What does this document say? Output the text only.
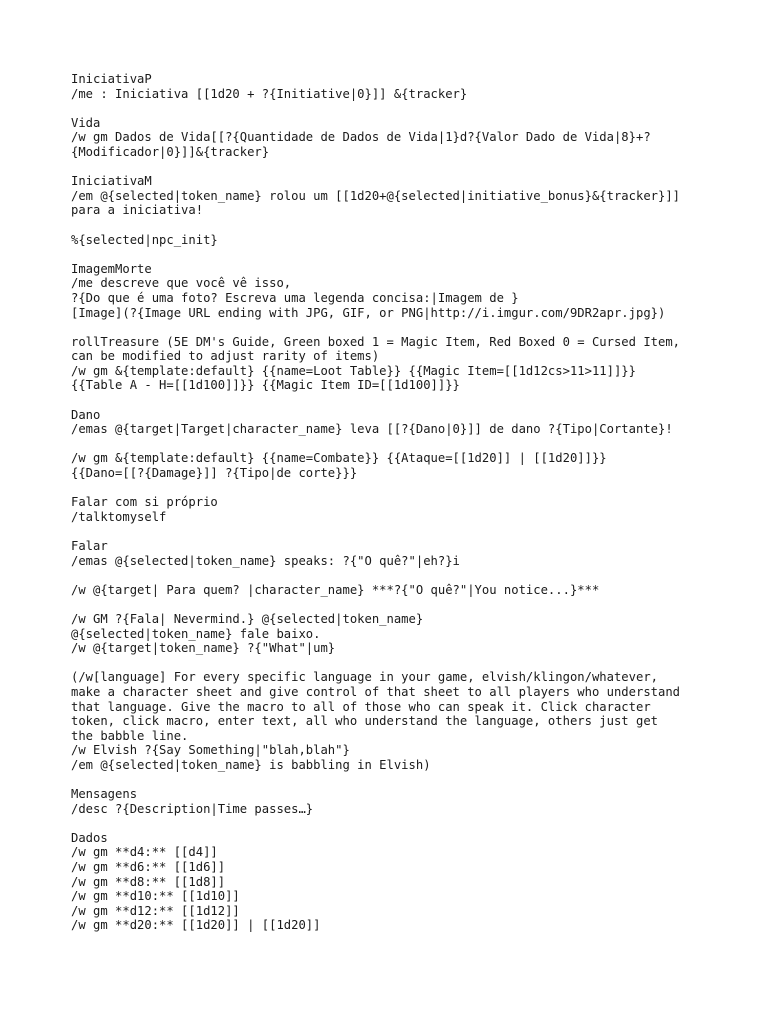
IniciativaP
/me : Iniciativa [[1d20 + ?{Initiative|0}]] &{tracker}
Vida
/w gm Dados de Vida[[?{Quantidade de Dados de Vida|1}d?{Valor Dado de Vida|8}+?
{Modificador|0}]]&{tracker}
IniciativaM
/em @{selected|token_name} rolou um [[1d20+@{selected|initiative_bonus}&{tracker}]]
para a iniciativa!
%{selected|npc_init}
ImagemMorte
/me descreve que você vê isso,
?{Do que é uma foto? Escreva uma legenda concisa:|Imagem de }
[Image](?{Image URL ending with JPG, GIF, or PNG|http://i.imgur.com/9DR2apr.jpg})
rollTreasure (5E DM's Guide, Green boxed 1 = Magic Item, Red Boxed 0 = Cursed Item,
can be modified to adjust rarity of items)
/w gm &{template:default} {{name=Loot Table}} {{Magic Item=[[1d12cs>11>11]]}}
{{Table A - H=[[1d100]]}} {{Magic Item ID=[[1d100]]}}
Dano
/emas @{target|Target|character_name} leva [[?{Dano|0}]] de dano ?{Tipo|Cortante}!
/w gm &{template:default} {{name=Combate}} {{Ataque=[[1d20]] | [[1d20]]}}
{{Dano=[[?{Damage}]] ?{Tipo|de corte}}}
Falar com si próprio
/talktomyself
Falar
/emas @{selected|token_name} speaks: ?{"O quê?"|eh?}i
/w @{target| Para quem? |character_name} ***?{"O quê?"|You notice...}***
/w GM ?{Fala| Nevermind.} @{selected|token_name}
@{selected|token_name} fale baixo.
/w @{target|token_name} ?{"What"|um}
(/w[language] For every specific language in your game, elvish/klingon/whatever,
make a character sheet and give control of that sheet to all players who understand
that language. Give the macro to all of those who can speak it. Click character
token, click macro, enter text, all who understand the language, others just get
the babble line.
/w Elvish ?{Say Something|"blah,blah"}
/em @{selected|token_name} is babbling in Elvish)
Mensagens
/desc ?{Description|Time passes…}
Dados
/w gm **d4:** [[d4]]
/w gm **d6:** [[1d6]]
/w gm **d8:** [[1d8]]
/w gm **d10:** [[1d10]]
/w gm **d12:** [[1d12]]
/w gm **d20:** [[1d20]] | [[1d20]]
